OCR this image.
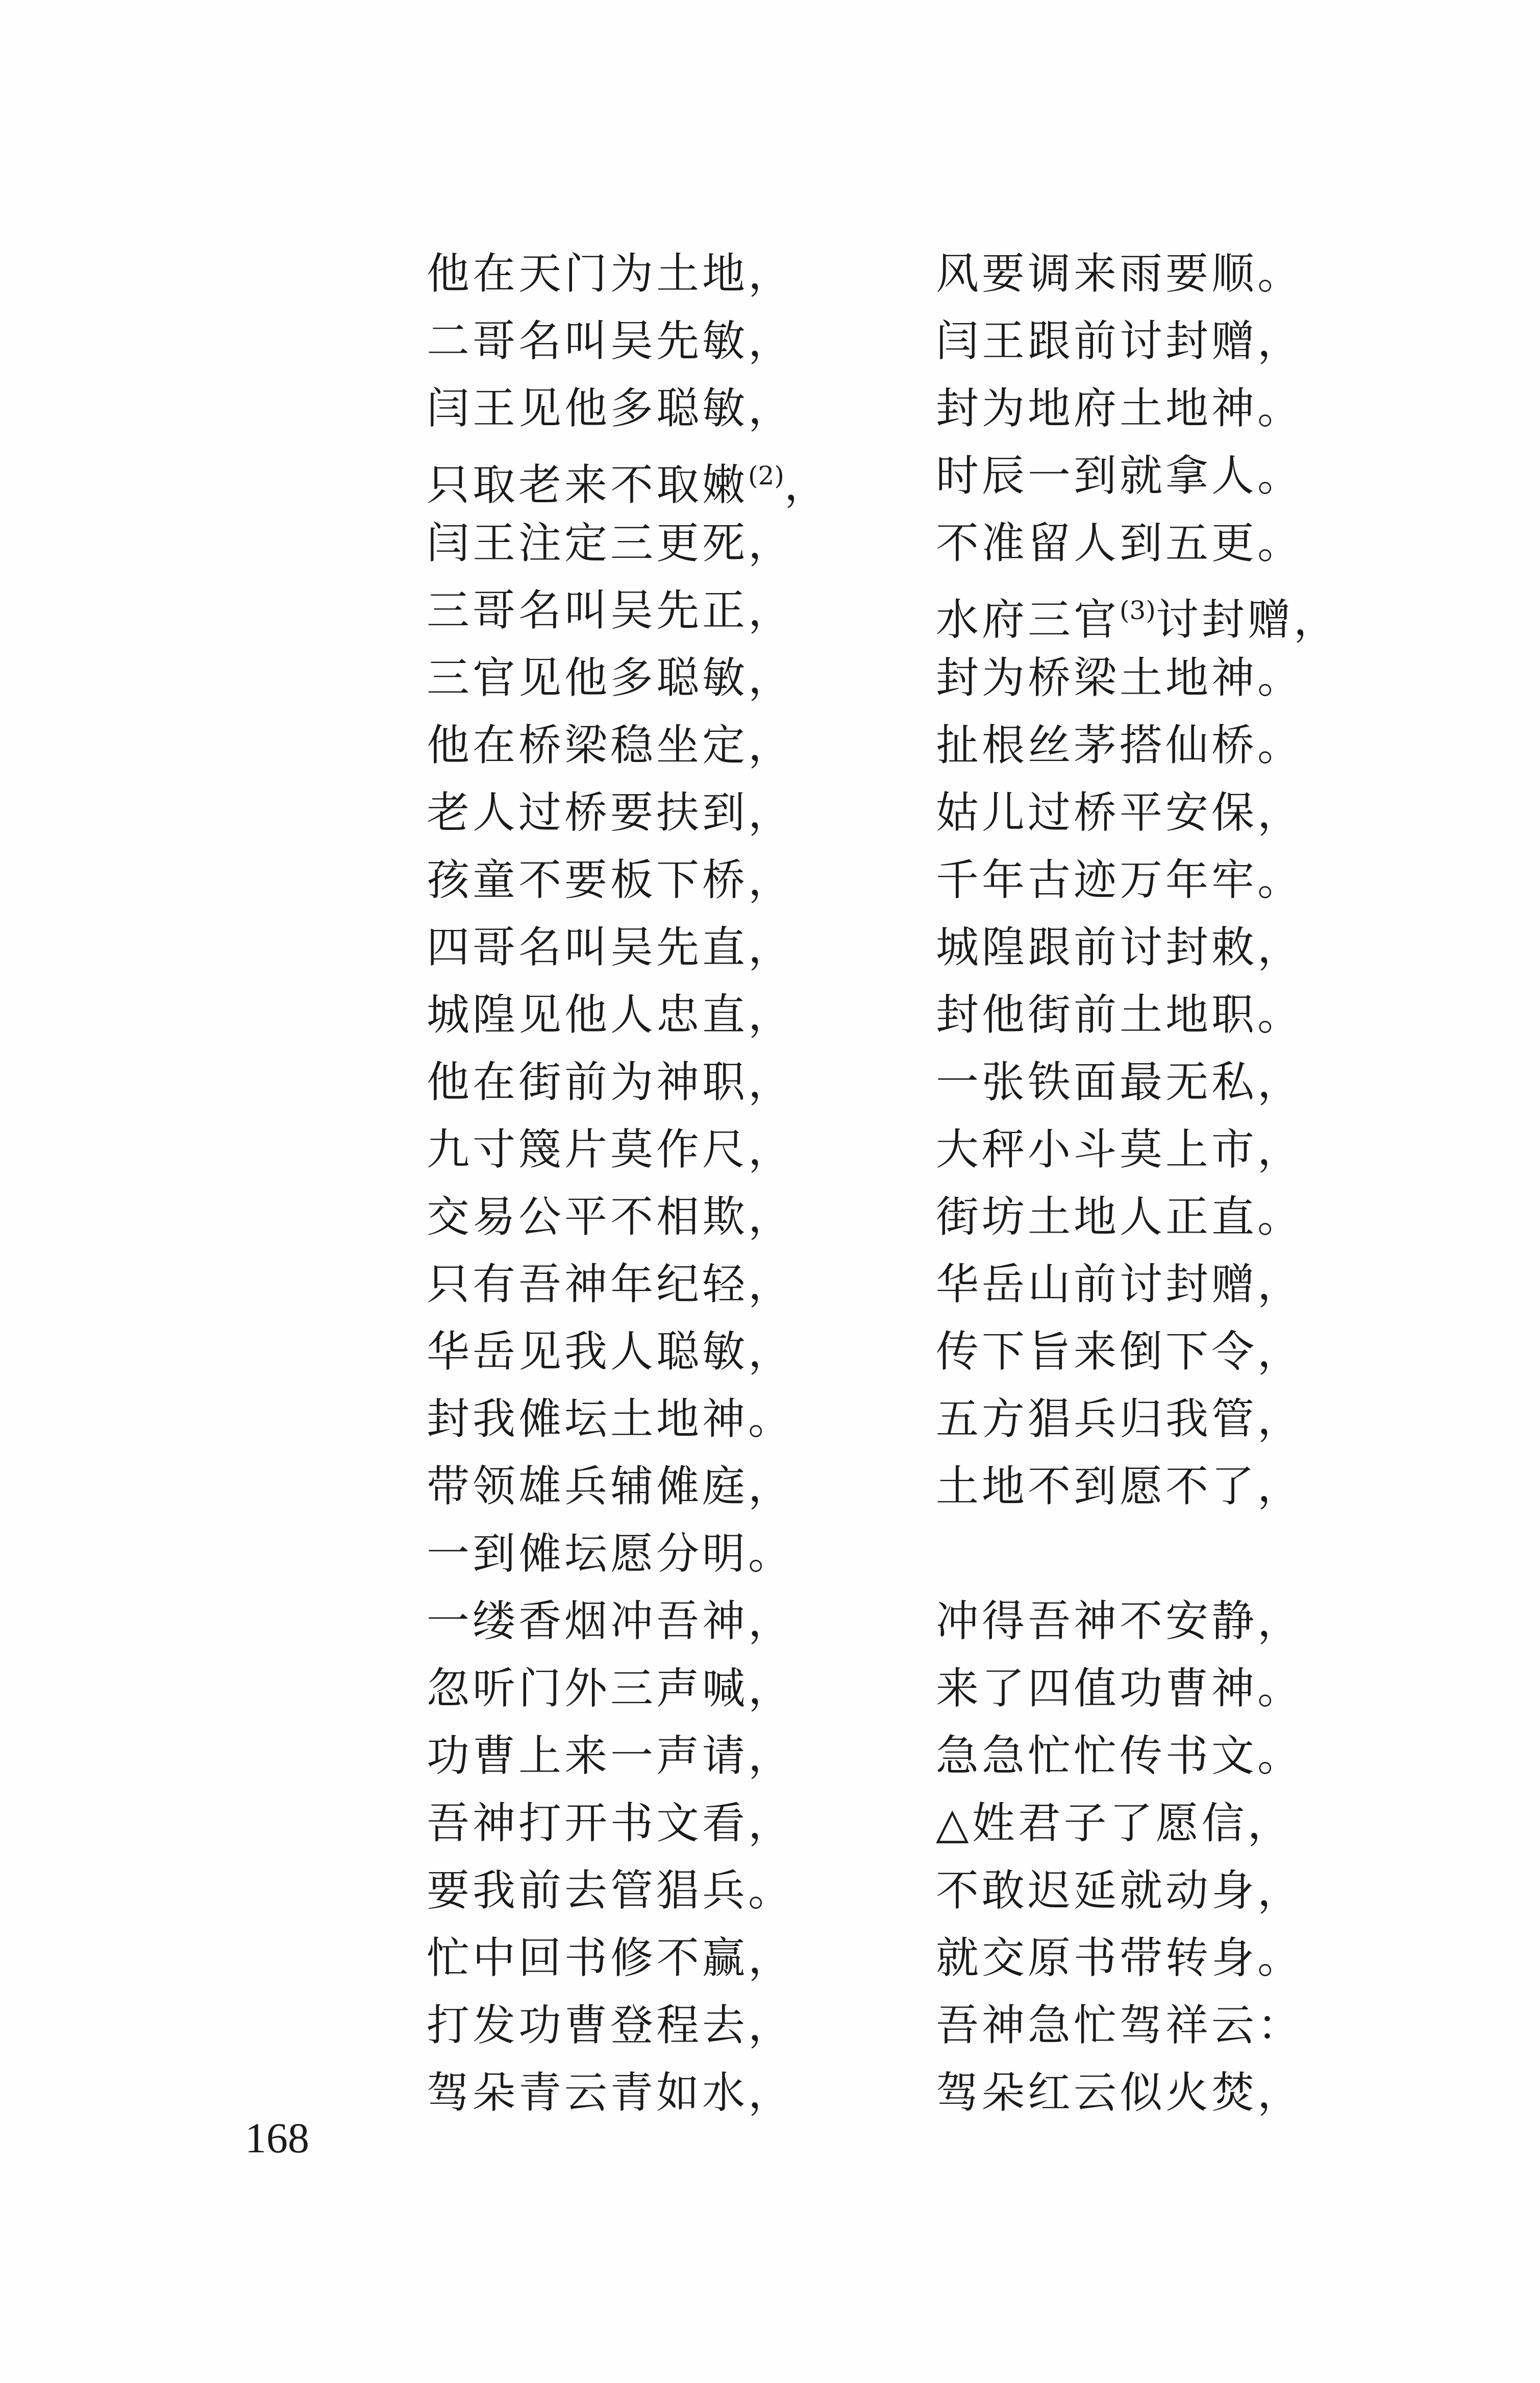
他在天门为土地，
二哥名叫吴先敏，
闫王见他多聪敏，
只取老来不取嫩$^{(2)}$，
闫王注定三更死，
三哥名叫吴先正，
三官见他多聪敏，
他在桥梁稳坐定，
老人过桥要扶到，
孩童不要板下桥，
四哥名叫吴先直，
城隍见他人忠直，
他在街前为神职，
九寸篾片莫作尺，
交易公平不相欺，
只有吾神年纪轻，
华岳见我人聪敏，
封我傩坛土地神。
带领雄兵辅傩庭，
一到傩坛愿分明。
一缕香烟冲吾神，
忽听门外三声喊，
功曹上来一声请，
吾神打开书文看，
要我前去管猖兵。
忙中回书修不赢，
打发功曹登程去，
驾朵青云青如水，
风要调来雨要顺。
闫王跟前讨封赠，
封为地府土地神。
时辰一到就拿人。
不准留人到五更。
水府三官$^{(3)}$讨封赠，
封为桥梁土地神。
扯根丝茅搭仙桥。
姑儿过桥平安保，
千年古迹万年牢。
城隍跟前讨封敕，
封他街前土地职。
一张铁面最无私，
大秤小斗莫上市，
街坊土地人正直。
华岳山前讨封赠，
传下旨来倒下令，
五方猖兵归我管，
土地不到愿不了，
冲得吾神不安静，
来了四值功曹神。
急急忙忙传书文。
△姓君子了愿信，
不敢迟延就动身，
就交原书带转身。
吾神急忙驾祥云：
驾朵红云似火焚，
168
